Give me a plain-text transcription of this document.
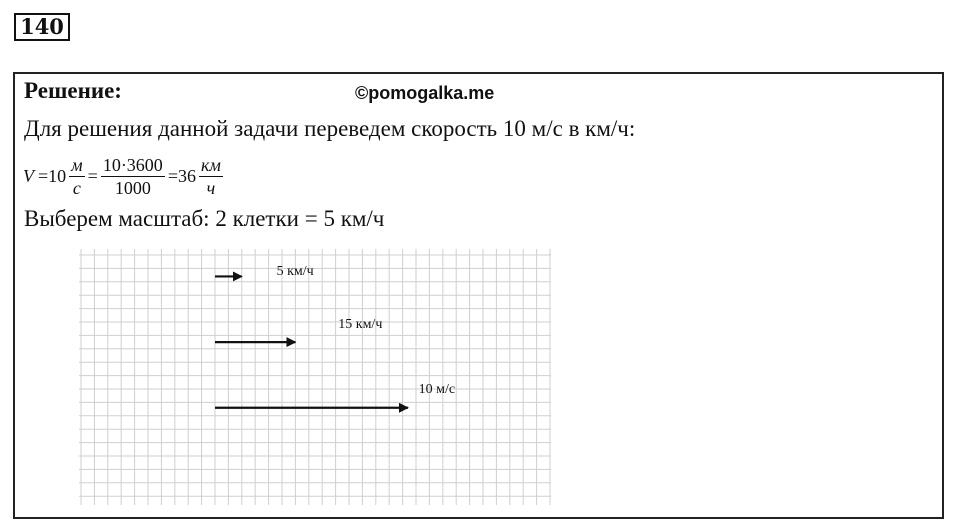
140
Решение:	©pomogalka.me
Для решения данной задачи переведем скорость 10 м/с в км/ч:
$V =10 \frac{м}{с} = \frac{10\cdot 3600}{1000} =36 \frac{км}{ч}$
Выберем масштаб: 2 клетки = 5 км/ч
5 км/ч
15 км/ч
10 м/с
